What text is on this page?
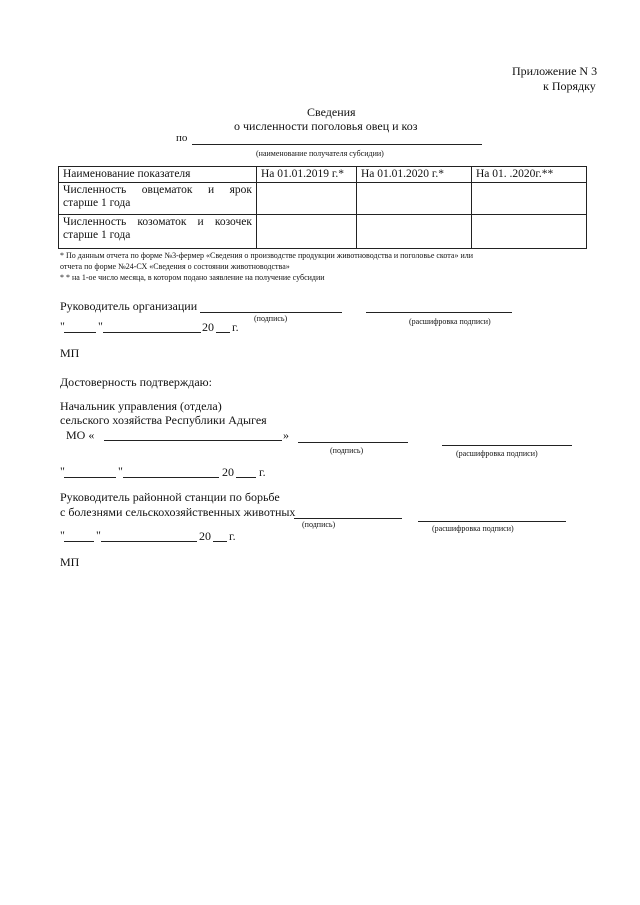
Приложение N 3
к Порядку
Сведения
о численности поголовья овец и коз
по
(наименование получателя субсидии)
Наименование показателя	На 01.01.2019 г.*	На 01.01.2020 г.*	На 01. .2020г.**

Численность овцематок и ярок
старше 1 года			

Численность козоматок и козочек
старше 1 года			

* По данным отчета по форме №3-фермер «Сведения о производстве продукции животноводства и поголовье скота» или
отчета по форме №24-СХ «Сведения о состоянии животноводства»
* * на 1-ое число месяца, в котором подано заявление на получение субсидии
Руководитель организации
(подпись)	(расшифровка подписи)
"	"	20 г.
МП
Достоверность подтверждаю:
Начальник управления (отдела)
сельского хозяйства Республики Адыгея
МО «	»
(подпись)	(расшифровка подписи)
"	"	20 г.
Руководитель районной станции по борьбе
с болезнями сельскохозяйственных животных
(подпись)	(расшифровка подписи)
"	"	20 г.
МП
